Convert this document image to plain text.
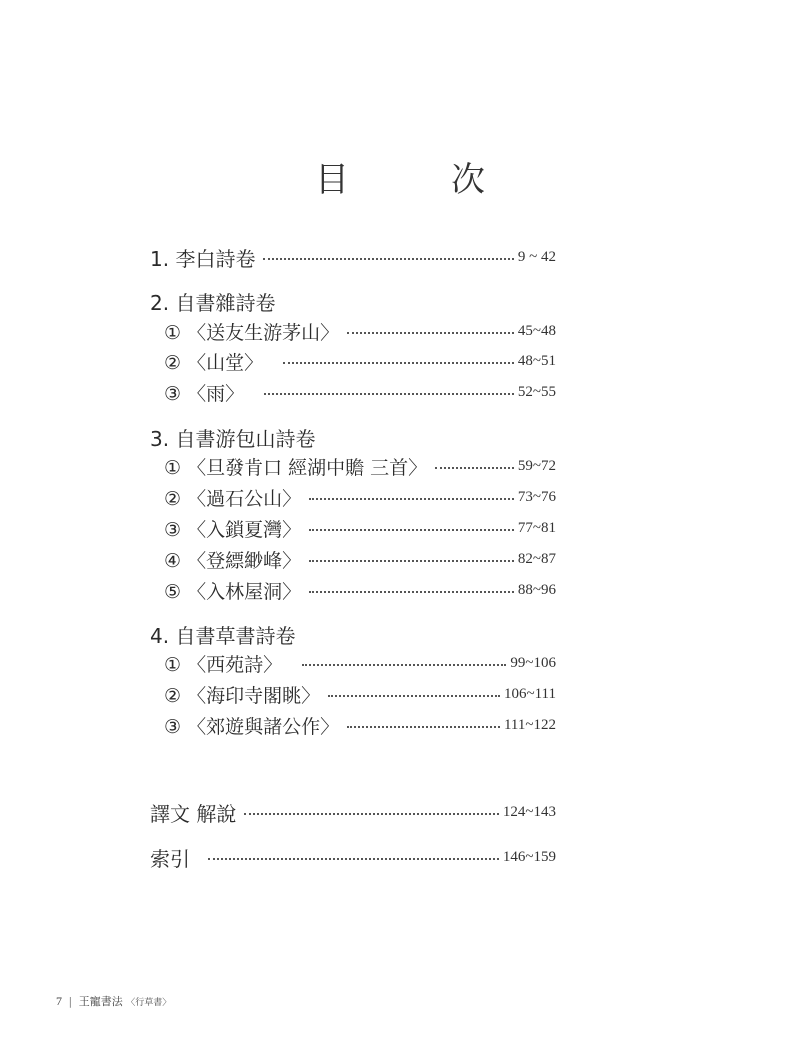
目　次
1. 李白詩卷	9 ~ 42
2. 自書雜詩卷
① 〈送友生游茅山〉	45~48
② 〈山堂〉	48~51
③ 〈雨〉	52~55
3. 自書游包山詩卷
① 〈旦發肯口 經湖中贍 三首〉	59~72
② 〈過石公山〉	73~76
③ 〈入鎖夏灣〉	77~81
④ 〈登縹緲峰〉	82~87
⑤ 〈入林屋洞〉	88~96
4. 自書草書詩卷
① 〈西苑詩〉	99~106
② 〈海印寺閣眺〉	106~111
③ 〈郊遊與諸公作〉	111~122
譯文 解說	124~143
索引	146~159
7 | 王寵書法 〈行草書〉
